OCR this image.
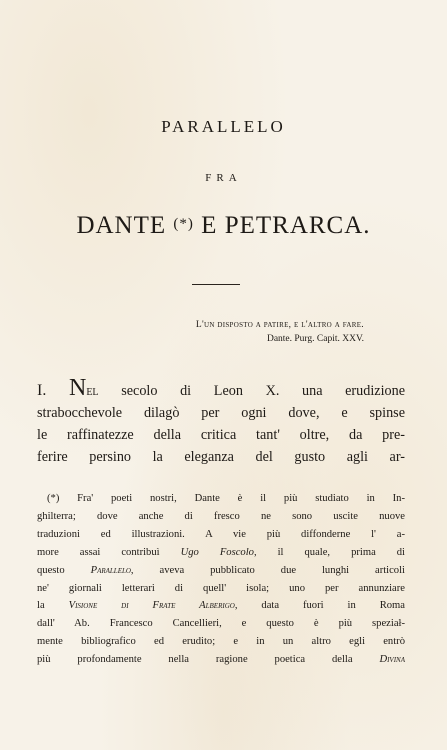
PARALLELO
FRA
DANTE (*) E PETRARCA.
L'un disposto a patire, e l'altro a fare.
Dante. Purg. Capit. XXV.
I. Nel secolo di Leon X. una erudizione
strabocchevole dilagò per ogni dove, e spinse
le raffinatezze della critica tant' oltre, da pre-
ferire persino la eleganza del gusto agli ar-
(*) Fra' poeti nostri, Dante è il più studiato in In-
ghilterra; dove anche di fresco ne sono uscite nuove
traduzioni ed illustrazioni. A vie più diffonderne l' a-
more assai contribuì Ugo Foscolo, il quale, prima di
questo Parallelo, aveva pubblicato due lunghi articoli
ne' giornali letterari di quell' isola; uno per annunziare
la Visione di Frate Alberigo, data fuori in Roma
dall' Ab. Francesco Cancellieri, e questo è più speział-
mente bibliografico ed erudito; e in un altro egli entrò
più profondamente nella ragione poetica della	Divina
